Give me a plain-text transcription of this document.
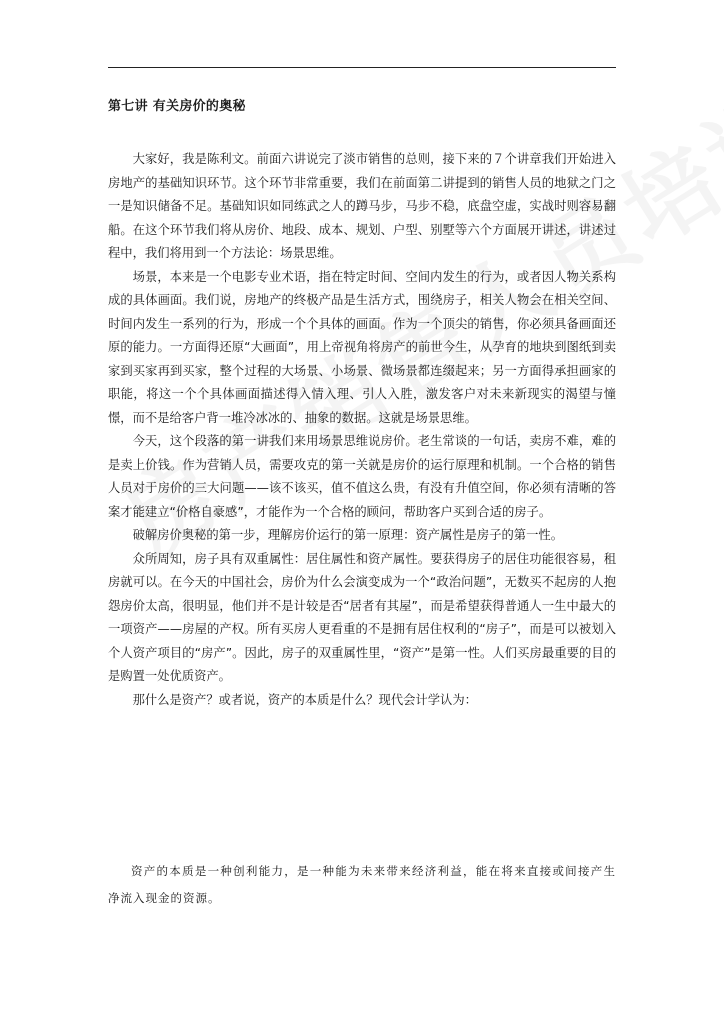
第七讲 有关房价的奥秘

大家好，我是陈利文。前面六讲说完了淡市销售的总则，接下来的７个讲章我们开始进入房地产的基础知识环节。这个环节非常重要，我们在前面第二讲提到的销售人员的地狱之门之一是知识储备不足。基础知识如同练武之人的蹲马步，马步不稳，底盘空虚，实战时则容易翻船。在这个环节我们将从房价、地段、成本、规划、户型、别墅等六个方面展开讲述，讲述过程中，我们将用到一个方法论：场景思维。

场景，本来是一个电影专业术语，指在特定时间、空间内发生的行为，或者因人物关系构成的具体画面。我们说，房地产的终极产品是生活方式，围绕房子，相关人物会在相关空间、时间内发生一系列的行为，形成一个个具体的画面。作为一个顶尖的销售，你必须具备画面还原的能力。一方面得还原“大画面”，用上帝视角将房产的前世今生，从孕育的地块到图纸到卖家到买家再到买家，整个过程的大场景、小场景、微场景都连缀起来；另一方面得承担画家的职能，将这一个个具体画面描述得入情入理、引人入胜，激发客户对未来新现实的渴望与憧憬，而不是给客户背一堆冷冰冰的、抽象的数据。这就是场景思维。

今天，这个段落的第一讲我们来用场景思维说房价。老生常谈的一句话，卖房不难，难的是卖上价钱。作为营销人员，需要攻克的第一关就是房价的运行原理和机制。一个合格的销售人员对于房价的三大问题——该不该买，值不值这么贵，有没有升值空间，你必须有清晰的答案才能建立“价格自豪感”，才能作为一个合格的顾问，帮助客户买到合适的房子。

破解房价奥秘的第一步，理解房价运行的第一原理：资产属性是房子的第一性。

众所周知，房子具有双重属性：居住属性和资产属性。要获得房子的居住功能很容易，租房就可以。在今天的中国社会，房价为什么会演变成为一个“政治问题”，无数买不起房的人抱怨房价太高，很明显，他们并不是计较是否“居者有其屋”，而是希望获得普通人一生中最大的一项资产——房屋的产权。所有买房人更看重的不是拥有居住权利的“房子”，而是可以被划入个人资产项目的“房产”。因此，房子的双重属性里，“资产”是第一性。人们买房最重要的目的是购置一处优质资产。

那什么是资产？或者说，资产的本质是什么？现代会计学认为：

资产的本质是一种创利能力，是一种能为未来带来经济利益，能在将来直接或间接产生净流入现金的资源。
